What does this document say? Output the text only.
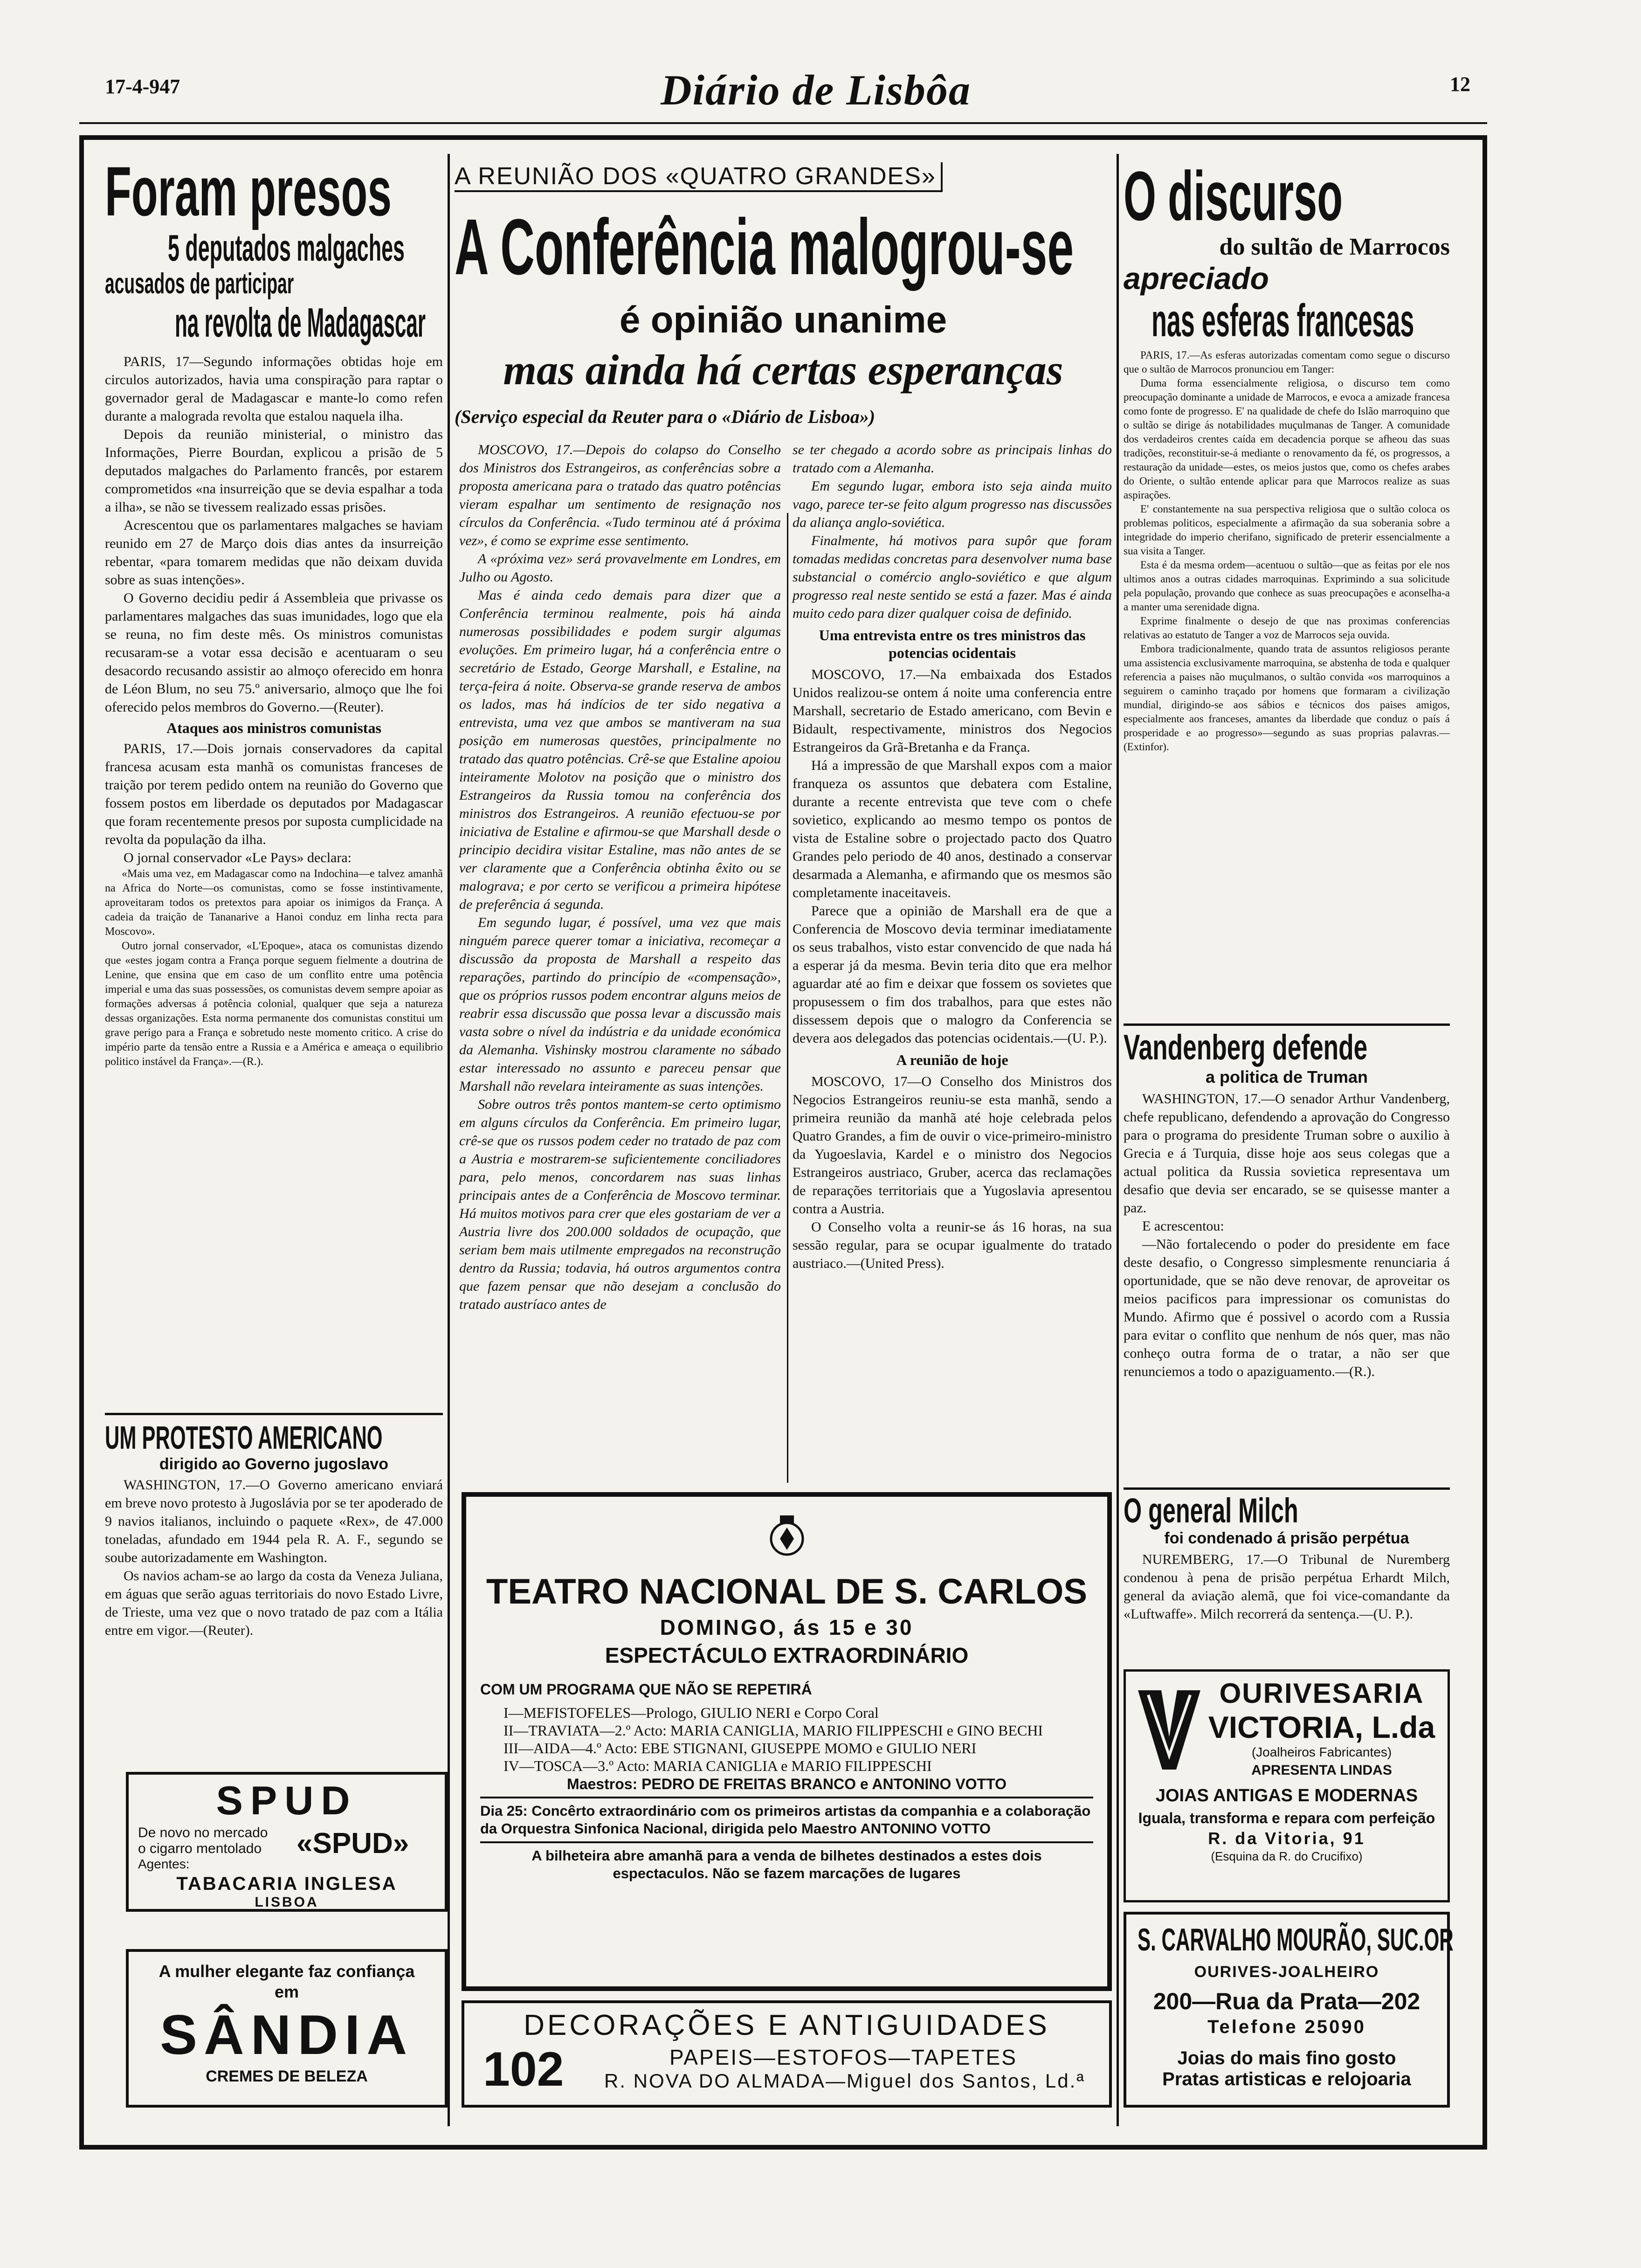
17-4-947	Diário de Lisbôa	12
Foram presos
5 deputados malgaches
acusados de participar
na revolta de Madagascar

PARIS, 17—Segundo informações obtidas hoje em circulos autorizados, havia uma conspiração para raptar o governador geral de Madagascar e mante-lo como refen durante a malograda revolta que estalou naquela ilha.

Depois da reunião ministerial, o ministro das Informações, Pierre Bourdan, explicou a prisão de 5 deputados malgaches do Parlamento francês, por estarem comprometidos «na insurreição que se devia espalhar a toda a ilha», se não se tivessem realizado essas prisões.

Acrescentou que os parlamentares malgaches se haviam reunido em 27 de Março dois dias antes da insurreição rebentar, «para tomarem medidas que não deixam duvida sobre as suas intenções».

O Governo decidiu pedir á Assembleia que privasse os parlamentares malgaches das suas imunidades, logo que ela se reuna, no fim deste mês. Os ministros comunistas recusaram-se a votar essa decisão e acentuaram o seu desacordo recusando assistir ao almoço oferecido em honra de Léon Blum, no seu 75.º aniversario, almoço que lhe foi oferecido pelos membros do Governo.—(Reuter).

Ataques aos ministros comunistas

PARIS, 17.—Dois jornais conservadores da capital francesa acusam esta manhã os comunistas franceses de traição por terem pedido ontem na reunião do Governo que fossem postos em liberdade os deputados por Madagascar que foram recentemente presos por suposta cumplicidade na revolta da população da ilha.

O jornal conservador «Le Pays» declara:

«Mais uma vez, em Madagascar como na Indochina—e talvez amanhã na Africa do Norte—os comunistas, como se fosse instintivamente, aproveitaram todos os pretextos para apoiar os inimigos da França. A cadeia da traição de Tananarive a Hanoi conduz em linha recta para Moscovo».

Outro jornal conservador, «L'Epoque», ataca os comunistas dizendo que «estes jogam contra a França porque seguem fielmente a doutrina de Lenine, que ensina que em caso de um conflito entre uma potência imperial e uma das suas possessões, os comunistas devem sempre apoiar as formações adversas á potência colonial, qualquer que seja a natureza dessas organizações. Esta norma permanente dos comunistas constitui um grave perigo para a França e sobretudo neste momento critico. A crise do império parte da tensão entre a Russia e a América e ameaça o equilibrio politico instável da França».—(R.).

UM PROTESTO AMERICANO
dirigido ao Governo jugoslavo

WASHINGTON, 17.—O Governo americano enviará em breve novo protesto à Jugoslávia por se ter apoderado de 9 navios italianos, incluindo o paquete «Rex», de 47.000 toneladas, afundado em 1944 pela R. A. F., segundo se soube autorizadamente em Washington.

Os navios acham-se ao largo da costa da Veneza Juliana, em águas que serão aguas territoriais do novo Estado Livre, de Trieste, uma vez que o novo tratado de paz com a Itália entre em vigor.—(Reuter).

SPUD
De novo no mercado
o cigarro mentolado «SPUD»
Agentes:
TABACARIA INGLESA
LISBOA
A mulher elegante faz confiança em
SÂNDIA
CREMES DE BELEZA
A REUNIÃO DOS «QUATRO GRANDES»
A Conferência malogrou-se
é opinião unanime
mas ainda há certas esperanças
(Serviço especial da Reuter para o «Diário de Lisboa»)

MOSCOVO, 17.—Depois do colapso do Conselho dos Ministros dos Estrangeiros, as conferências sobre a proposta americana para o tratado das quatro potências vieram espalhar um sentimento de resignação nos círculos da Conferência. «Tudo terminou até á próxima vez», é como se exprime esse sentimento.

A «próxima vez» será provavelmente em Londres, em Julho ou Agosto.

Mas é ainda cedo demais para dizer que a Conferência terminou realmente, pois há ainda numerosas possibilidades e podem surgir algumas evoluções. Em primeiro lugar, há a conferência entre o secretário de Estado, George Marshall, e Estaline, na terça-feira á noite. Observa-se grande reserva de ambos os lados, mas há indícios de ter sido negativa a entrevista, uma vez que ambos se mantiveram na sua posição em numerosas questões, principalmente no tratado das quatro potências. Crê-se que Estaline apoiou inteiramente Molotov na posição que o ministro dos Estrangeiros da Russia tomou na conferência dos ministros dos Estrangeiros. A reunião efectuou-se por iniciativa de Estaline e afirmou-se que Marshall desde o principio decidira visitar Estaline, mas não antes de se ver claramente que a Conferência obtinha êxito ou se malograva; e por certo se verificou a primeira hipótese de preferência á segunda.

Em segundo lugar, é possível, uma vez que mais ninguém parece querer tomar a iniciativa, recomeçar a discussão da proposta de Marshall a respeito das reparações, partindo do princípio de «compensação», que os próprios russos podem encontrar alguns meios de reabrir essa discussão que possa levar a discussão mais vasta sobre o nível da indústria e da unidade económica da Alemanha. Vishinsky mostrou claramente no sábado estar interessado no assunto e pareceu pensar que Marshall não revelara inteiramente as suas intenções.

Sobre outros três pontos mantem-se certo optimismo em alguns círculos da Conferência. Em primeiro lugar, crê-se que os russos podem ceder no tratado de paz com a Austria e mostrarem-se suficientemente conciliadores para, pelo menos, concordarem nas suas linhas principais antes de a Conferência de Moscovo terminar. Há muitos motivos para crer que eles gostariam de ver a Austria livre dos 200.000 soldados de ocupação, que seriam bem mais utilmente empregados na reconstrução dentro da Russia; todavia, há outros argumentos contra que fazem pensar que não desejam a conclusão do tratado austríaco antes de

se ter chegado a acordo sobre as principais linhas do tratado com a Alemanha.

Em segundo lugar, embora isto seja ainda muito vago, parece ter-se feito algum progresso nas discussões da aliança anglo-soviética.

Finalmente, há motivos para supôr que foram tomadas medidas concretas para desenvolver numa base substancial o comércio anglo-soviético e que algum progresso real neste sentido se está a fazer. Mas é ainda muito cedo para dizer qualquer coisa de definido.

Uma entrevista entre os tres ministros das potencias ocidentais

MOSCOVO, 17.—Na embaixada dos Estados Unidos realizou-se ontem á noite uma conferencia entre Marshall, secretario de Estado americano, com Bevin e Bidault, respectivamente, ministros dos Negocios Estrangeiros da Grã-Bretanha e da França.

Há a impressão de que Marshall expos com a maior franqueza os assuntos que debatera com Estaline, durante a recente entrevista que teve com o chefe sovietico, explicando ao mesmo tempo os pontos de vista de Estaline sobre o projectado pacto dos Quatro Grandes pelo periodo de 40 anos, destinado a conservar desarmada a Alemanha, e afirmando que os mesmos são completamente inaceitaveis.

Parece que a opinião de Marshall era de que a Conferencia de Moscovo devia terminar imediatamente os seus trabalhos, visto estar convencido de que nada há a esperar já da mesma. Bevin teria dito que era melhor aguardar até ao fim e deixar que fossem os sovietes que propusessem o fim dos trabalhos, para que estes não dissessem depois que o malogro da Conferencia se devera aos delegados das potencias ocidentais.—(U. P.).

A reunião de hoje

MOSCOVO, 17—O Conselho dos Ministros dos Negocios Estrangeiros reuniu-se esta manhã, sendo a primeira reunião da manhã até hoje celebrada pelos Quatro Grandes, a fim de ouvir o vice-primeiro-ministro da Yugoeslavia, Kardel e o ministro dos Negocios Estrangeiros austriaco, Gruber, acerca das reclamações de reparações territoriais que a Yugoslavia apresentou contra a Austria.

O Conselho volta a reunir-se ás 16 horas, na sua sessão regular, para se ocupar igualmente do tratado austriaco.—(United Press).

TEATRO NACIONAL DE S. CARLOS
DOMINGO, ás 15 e 30
ESPECTÁCULO EXTRAORDINÁRIO
COM UM PROGRAMA QUE NÃO SE REPETIRÁ

I—MEFISTOFELES—Prologo, GIULIO NERI e Corpo Coral

II—TRAVIATA—2.º Acto: MARIA CANIGLIA, MARIO FILIPPESCHI e GINO BECHI

III—AIDA—4.º Acto: EBE STIGNANI, GIUSEPPE MOMO e GIULIO NERI

IV—TOSCA—3.º Acto: MARIA CANIGLIA e MARIO FILIPPESCHI

Maestros: PEDRO DE FREITAS BRANCO e ANTONINO VOTTO
Dia 25: Concêrto extraordinário com os primeiros artistas da companhia e a colaboração da Orquestra Sinfonica Nacional, dirigida pelo Maestro ANTONINO VOTTO
A bilheteira abre amanhã para a venda de bilhetes destinados a estes dois espectaculos. Não se fazem marcações de lugares
DECORAÇÕES E ANTIGUIDADES
102	PAPEIS—ESTOFOS—TAPETES
R. NOVA DO ALMADA—Miguel dos Santos, Ld.ª
O discurso
do sultão de Marrocos
apreciado
nas esferas francesas

PARIS, 17.—As esferas autorizadas comentam como segue o discurso que o sultão de Marrocos pronunciou em Tanger:

Duma forma essencialmente religiosa, o discurso tem como preocupação dominante a unidade de Marrocos, e evoca a amizade francesa como fonte de progresso. E' na qualidade de chefe do Islão marroquino que o sultão se dirige ás notabilidades muçulmanas de Tanger. A comunidade dos verdadeiros crentes caída em decadencia porque se afheou das suas tradições, reconstituir-se-á mediante o renovamento da fé, os progressos, a restauração da unidade—estes, os meios justos que, como os chefes arabes do Oriente, o sultão entende aplicar para que Marrocos realize as suas aspirações.

E' constantemente na sua perspectiva religiosa que o sultão coloca os problemas politicos, especialmente a afirmação da sua soberania sobre a integridade do imperio cherifano, significado de preterir essencialmente a sua visita a Tanger.

Esta é da mesma ordem—acentuou o sultão—que as feitas por ele nos ultimos anos a outras cidades marroquinas. Exprimindo a sua solicitude pela população, provando que conhece as suas preocupações e aconselha-a a manter uma serenidade digna.

Exprime finalmente o desejo de que nas proximas conferencias relativas ao estatuto de Tanger a voz de Marrocos seja ouvida.

Embora tradicionalmente, quando trata de assuntos religiosos perante uma assistencia exclusivamente marroquina, se abstenha de toda e qualquer referencia a paises não muçulmanos, o sultão convida «os marroquinos a seguirem o caminho traçado por homens que formaram a civilização mundial, dirigindo-se aos sábios e técnicos dos paises amigos, especialmente aos franceses, amantes da liberdade que conduz o país á prosperidade e ao progresso»—segundo as suas proprias palavras.—(Extinfor).

Vandenberg defende
a politica de Truman

WASHINGTON, 17.—O senador Arthur Vandenberg, chefe republicano, defendendo a aprovação do Congresso para o programa do presidente Truman sobre o auxilio à Grecia e á Turquia, disse hoje aos seus colegas que a actual politica da Russia sovietica representava um desafio que devia ser encarado, se se quisesse manter a paz.

E acrescentou:

—Não fortalecendo o poder do presidente em face deste desafio, o Congresso simplesmente renunciaria á oportunidade, que se não deve renovar, de aproveitar os meios pacificos para impressionar os comunistas do Mundo. Afirmo que é possivel o acordo com a Russia para evitar o conflito que nenhum de nós quer, mas não conheço outra forma de o tratar, a não ser que renunciemos a todo o apaziguamento.—(R.).

O general Milch
foi condenado á prisão perpétua

NUREMBERG, 17.—O Tribunal de Nuremberg condenou à pena de prisão perpétua Erhardt Milch, general da aviação alemã, que foi vice-comandante da «Luftwaffe». Milch recorrerá da sentença.—(U. P.).

OURIVESARIA
VICTORIA, L.da
(Joalheiros Fabricantes)
APRESENTA LINDAS
JOIAS ANTIGAS E MODERNAS
Iguala, transforma e repara com perfeição
R. da Vitoria, 91
(Esquina da R. do Crucifixo)
S. CARVALHO MOURÃO, SUC.OR
OURIVES-JOALHEIRO
200—Rua da Prata—202
Telefone 25090
Joias do mais fino gosto
Pratas artisticas e relojoaria
